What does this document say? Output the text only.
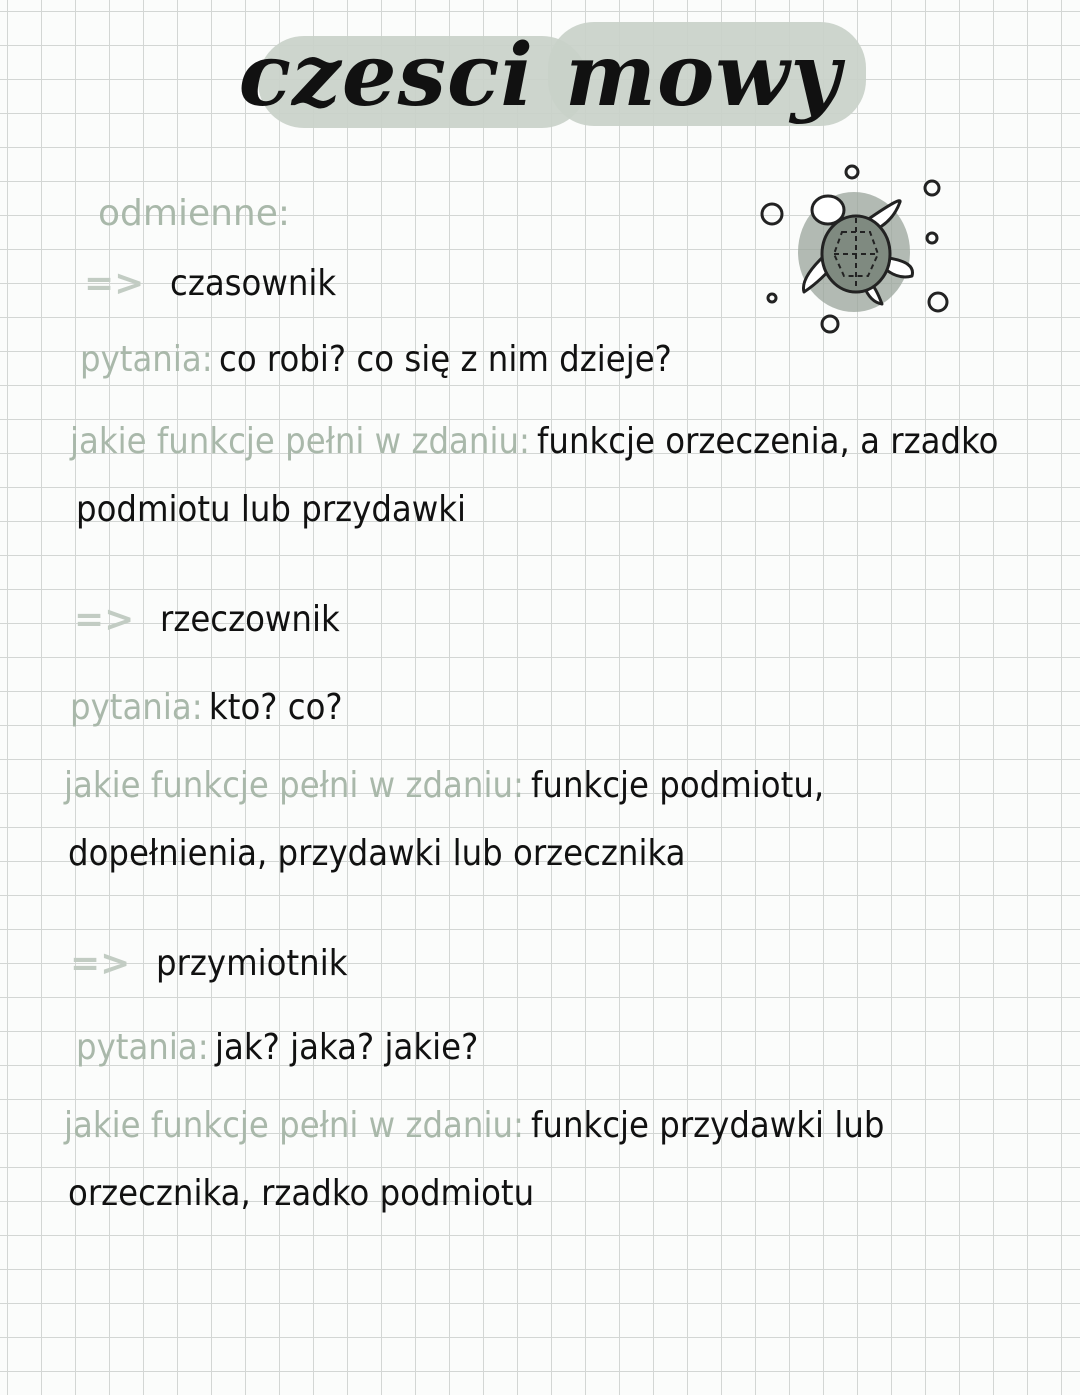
czesci mowy
odmienne:
=> czasownik
pytania: co robi? co się z nim dzieje?
jakie funkcje pełni w zdaniu: funkcje orzeczenia, a rzadko
podmiotu lub przydawki
=> rzeczownik
pytania: kto? co?
jakie funkcje pełni w zdaniu: funkcje podmiotu,
dopełnienia, przydawki lub orzecznika
=> przymiotnik
pytania: jak? jaka? jakie?
jakie funkcje pełni w zdaniu: funkcje przydawki lub
orzecznika, rzadko podmiotu
